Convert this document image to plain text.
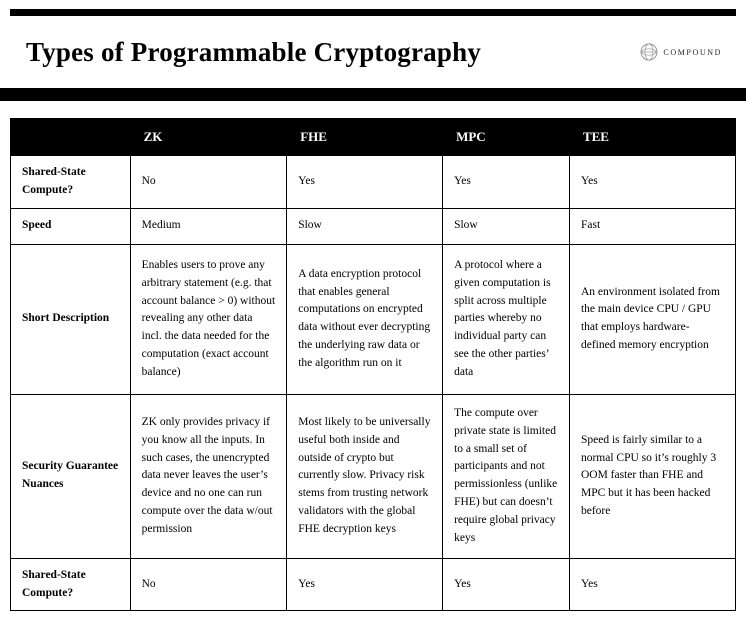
Types of Programmable Cryptography	COMPOUND
	ZK	FHE	MPC	TEE
Shared-State Compute?	No	Yes	Yes	Yes
Speed	Medium	Slow	Slow	Fast
Short Description	Enables users to prove any arbitrary statement (e.g. that account balance > 0) without revealing any other data incl. the data needed for the computation (exact account balance)	A data encryption protocol that enables general computations on encrypted data without ever decrypting the underlying raw data or the algorithm run on it	A protocol where a given computation is split across multiple parties whereby no individual party can see the other parties’ data	An environment isolated from the main device CPU / GPU that employs hardware-defined memory encryption
Security Guarantee Nuances	ZK only provides privacy if you know all the inputs. In such cases, the unencrypted data never leaves the user’s device and no one can run compute over the data w/out permission	Most likely to be universally useful both inside and outside of crypto but currently slow. Privacy risk stems from trusting network validators with the global FHE decryption keys	The compute over private state is limited to a small set of participants and not permissionless (unlike FHE) but can doesn’t require global privacy keys	Speed is fairly similar to a normal CPU so it’s roughly 3 OOM faster than FHE and MPC but it has been hacked before
Shared-State Compute?	No	Yes	Yes	Yes
